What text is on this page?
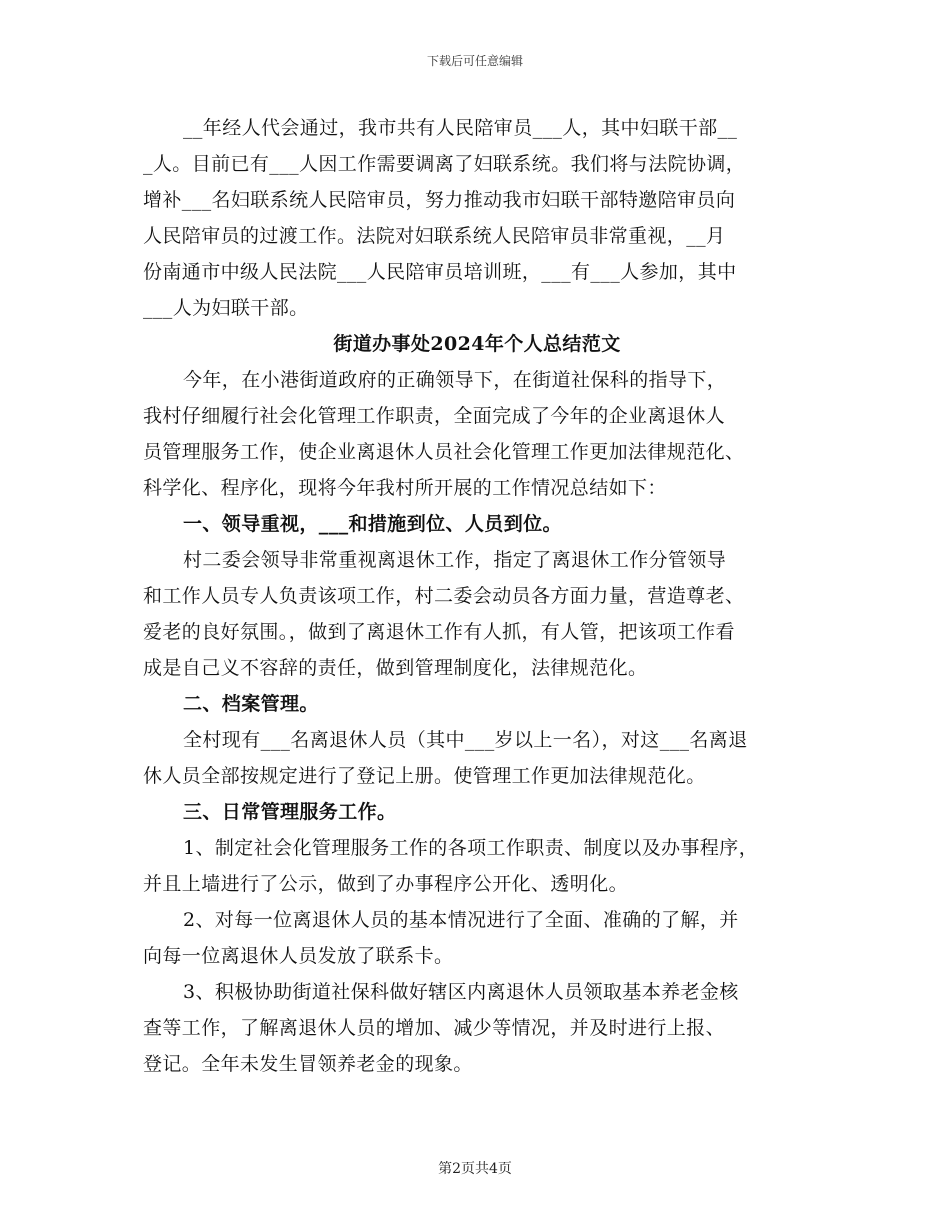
下载后可任意编辑
__年经人代会通过，我市共有人民陪审员___人，其中妇联干部__
_人。目前已有___人因工作需要调离了妇联系统。我们将与法院协调，
增补___名妇联系统人民陪审员，努力推动我市妇联干部特邀陪审员向
人民陪审员的过渡工作。法院对妇联系统人民陪审员非常重视，__月
份南通市中级人民法院___人民陪审员培训班，___有___人参加，其中
___人为妇联干部。
街道办事处2024年个人总结范文
今年，在小港街道政府的正确领导下，在街道社保科的指导下，
我村仔细履行社会化管理工作职责，全面完成了今年的企业离退休人
员管理服务工作，使企业离退休人员社会化管理工作更加法律规范化、
科学化、程序化，现将今年我村所开展的工作情况总结如下：
一、领导重视，___和措施到位、人员到位。
村二委会领导非常重视离退休工作，指定了离退休工作分管领导
和工作人员专人负责该项工作，村二委会动员各方面力量，营造尊老、
爱老的良好氛围。，做到了离退休工作有人抓，有人管，把该项工作看
成是自己义不容辞的责任，做到管理制度化，法律规范化。
二、档案管理。
全村现有___名离退休人员（其中___岁以上一名），对这___名离退
休人员全部按规定进行了登记上册。使管理工作更加法律规范化。
三、日常管理服务工作。
1、制定社会化管理服务工作的各项工作职责、制度以及办事程序，
并且上墙进行了公示，做到了办事程序公开化、透明化。
2、对每一位离退休人员的基本情况进行了全面、准确的了解，并
向每一位离退休人员发放了联系卡。
3、积极协助街道社保科做好辖区内离退休人员领取基本养老金核
查等工作，了解离退休人员的增加、减少等情况，并及时进行上报、
登记。全年未发生冒领养老金的现象。
第2页共4页
